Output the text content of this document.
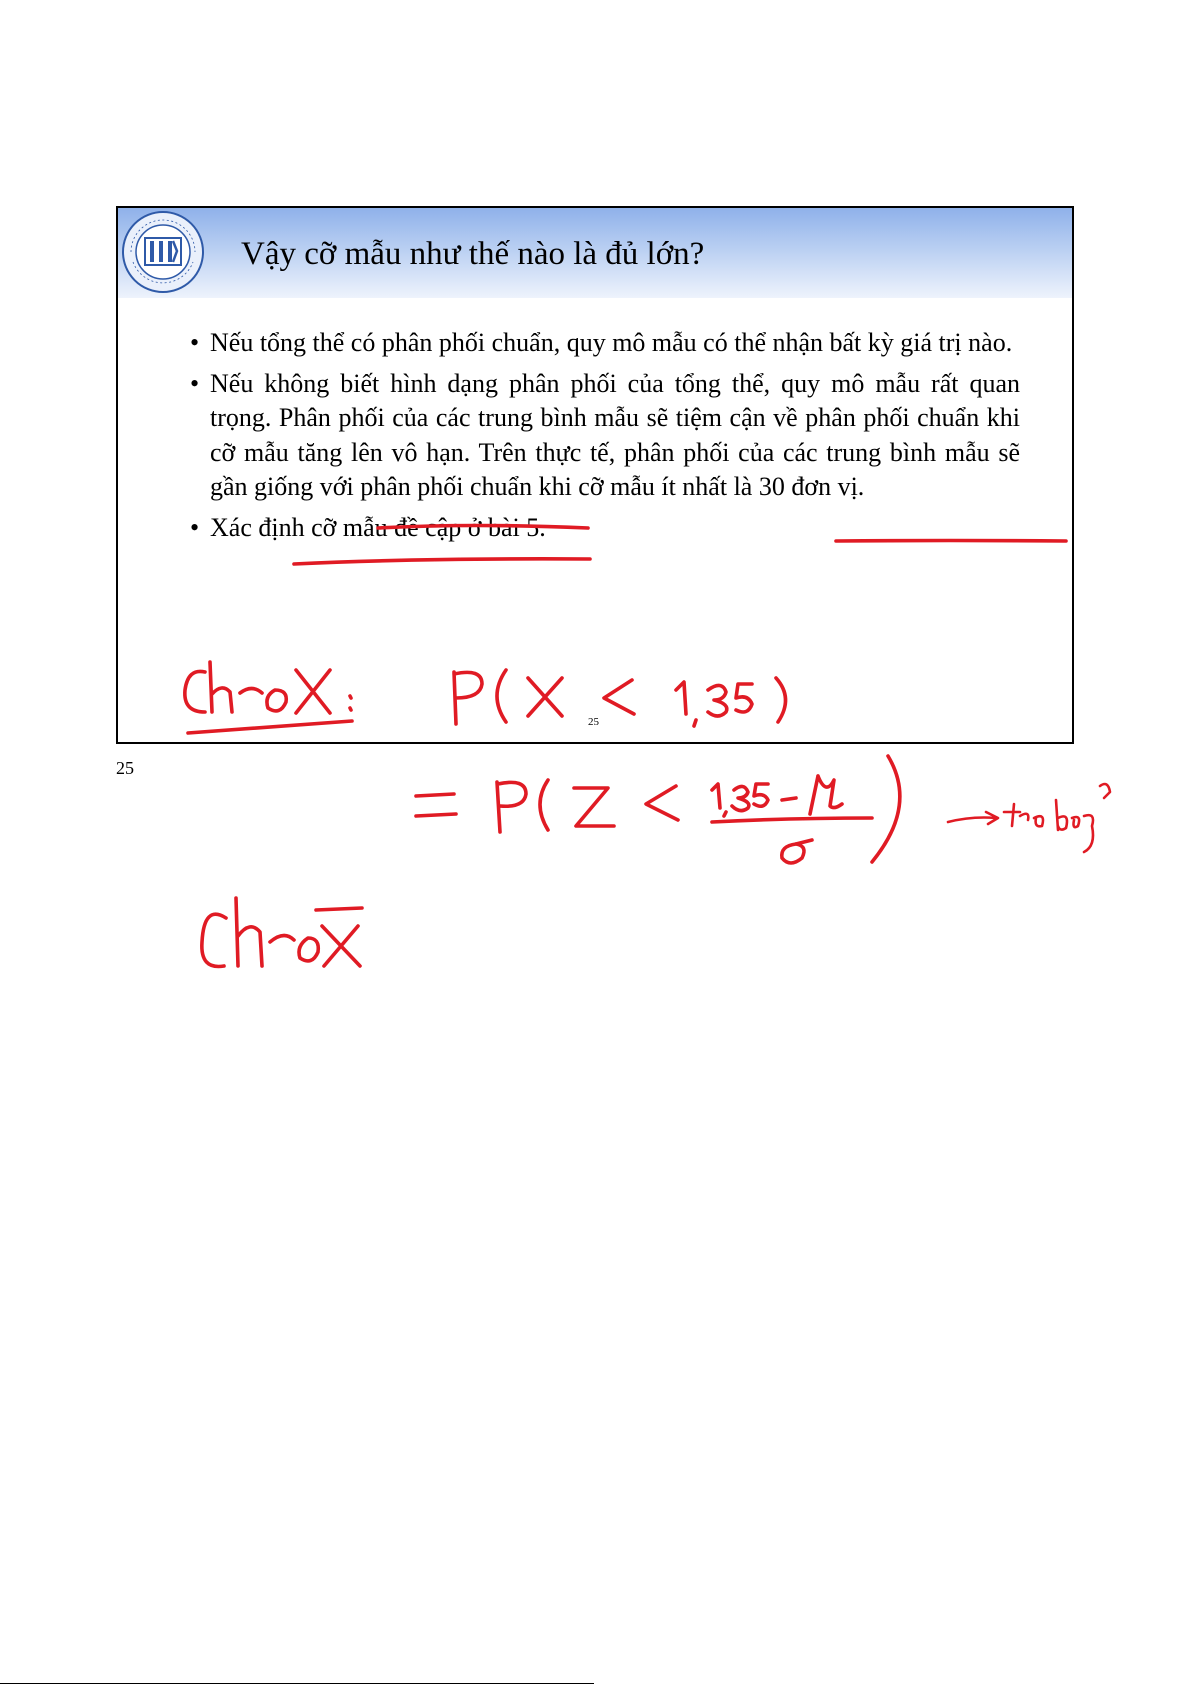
Vậy cỡ mẫu như thế nào là đủ lớn?
• Nếu tổng thể có phân phối chuẩn, quy mô mẫu có thể nhận bất kỳ giá trị nào.
• Nếu không biết hình dạng phân phối của tổng thể, quy mô mẫu rất quan trọng. Phân phối của các trung bình mẫu sẽ tiệm cận về phân phối chuẩn khi cỡ mẫu tăng lên vô hạn. Trên thực tế, phân phối của các trung bình mẫu sẽ gần giống với phân phối chuẩn khi cỡ mẫu ít nhất là 30 đơn vị.
• Xác định cỡ mẫu đề cập ở bài 5.
25
25
